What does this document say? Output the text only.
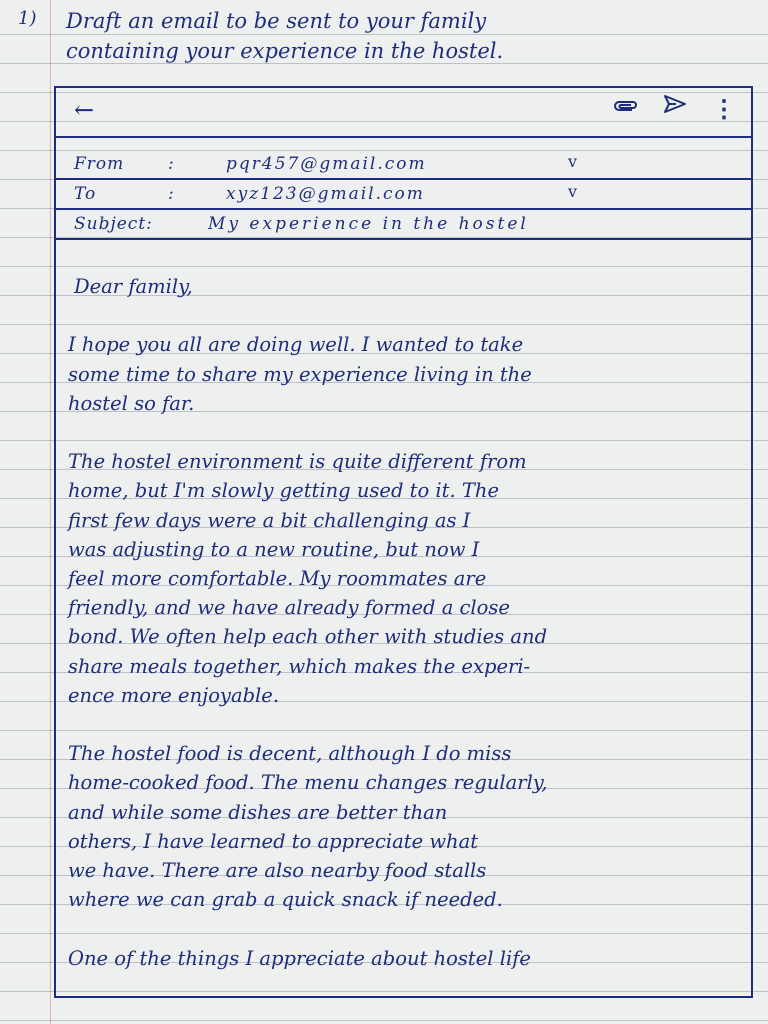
1) Draft an email to be sent to your family
containing your experience in the hostel.
←	⋮
From	:	pqr457@gmail.com	v
To	:	xyz123@gmail.com	v
Subject:	My experience in the hostel
Dear family,
I hope you all are doing well. I wanted to take
some time to share my experience living in the
hostel so far.
The hostel environment is quite different from
home, but I'm slowly getting used to it. The
first few days were a bit challenging as I
was adjusting to a new routine, but now I
feel more comfortable. My roommates are
friendly, and we have already formed a close
bond. We often help each other with studies and
share meals together, which makes the experi-
ence more enjoyable.
The hostel food is decent, although I do miss
home-cooked food. The menu changes regularly,
and while some dishes are better than
others, I have learned to appreciate what
we have. There are also nearby food stalls
where we can grab a quick snack if needed.
One of the things I appreciate about hostel life
